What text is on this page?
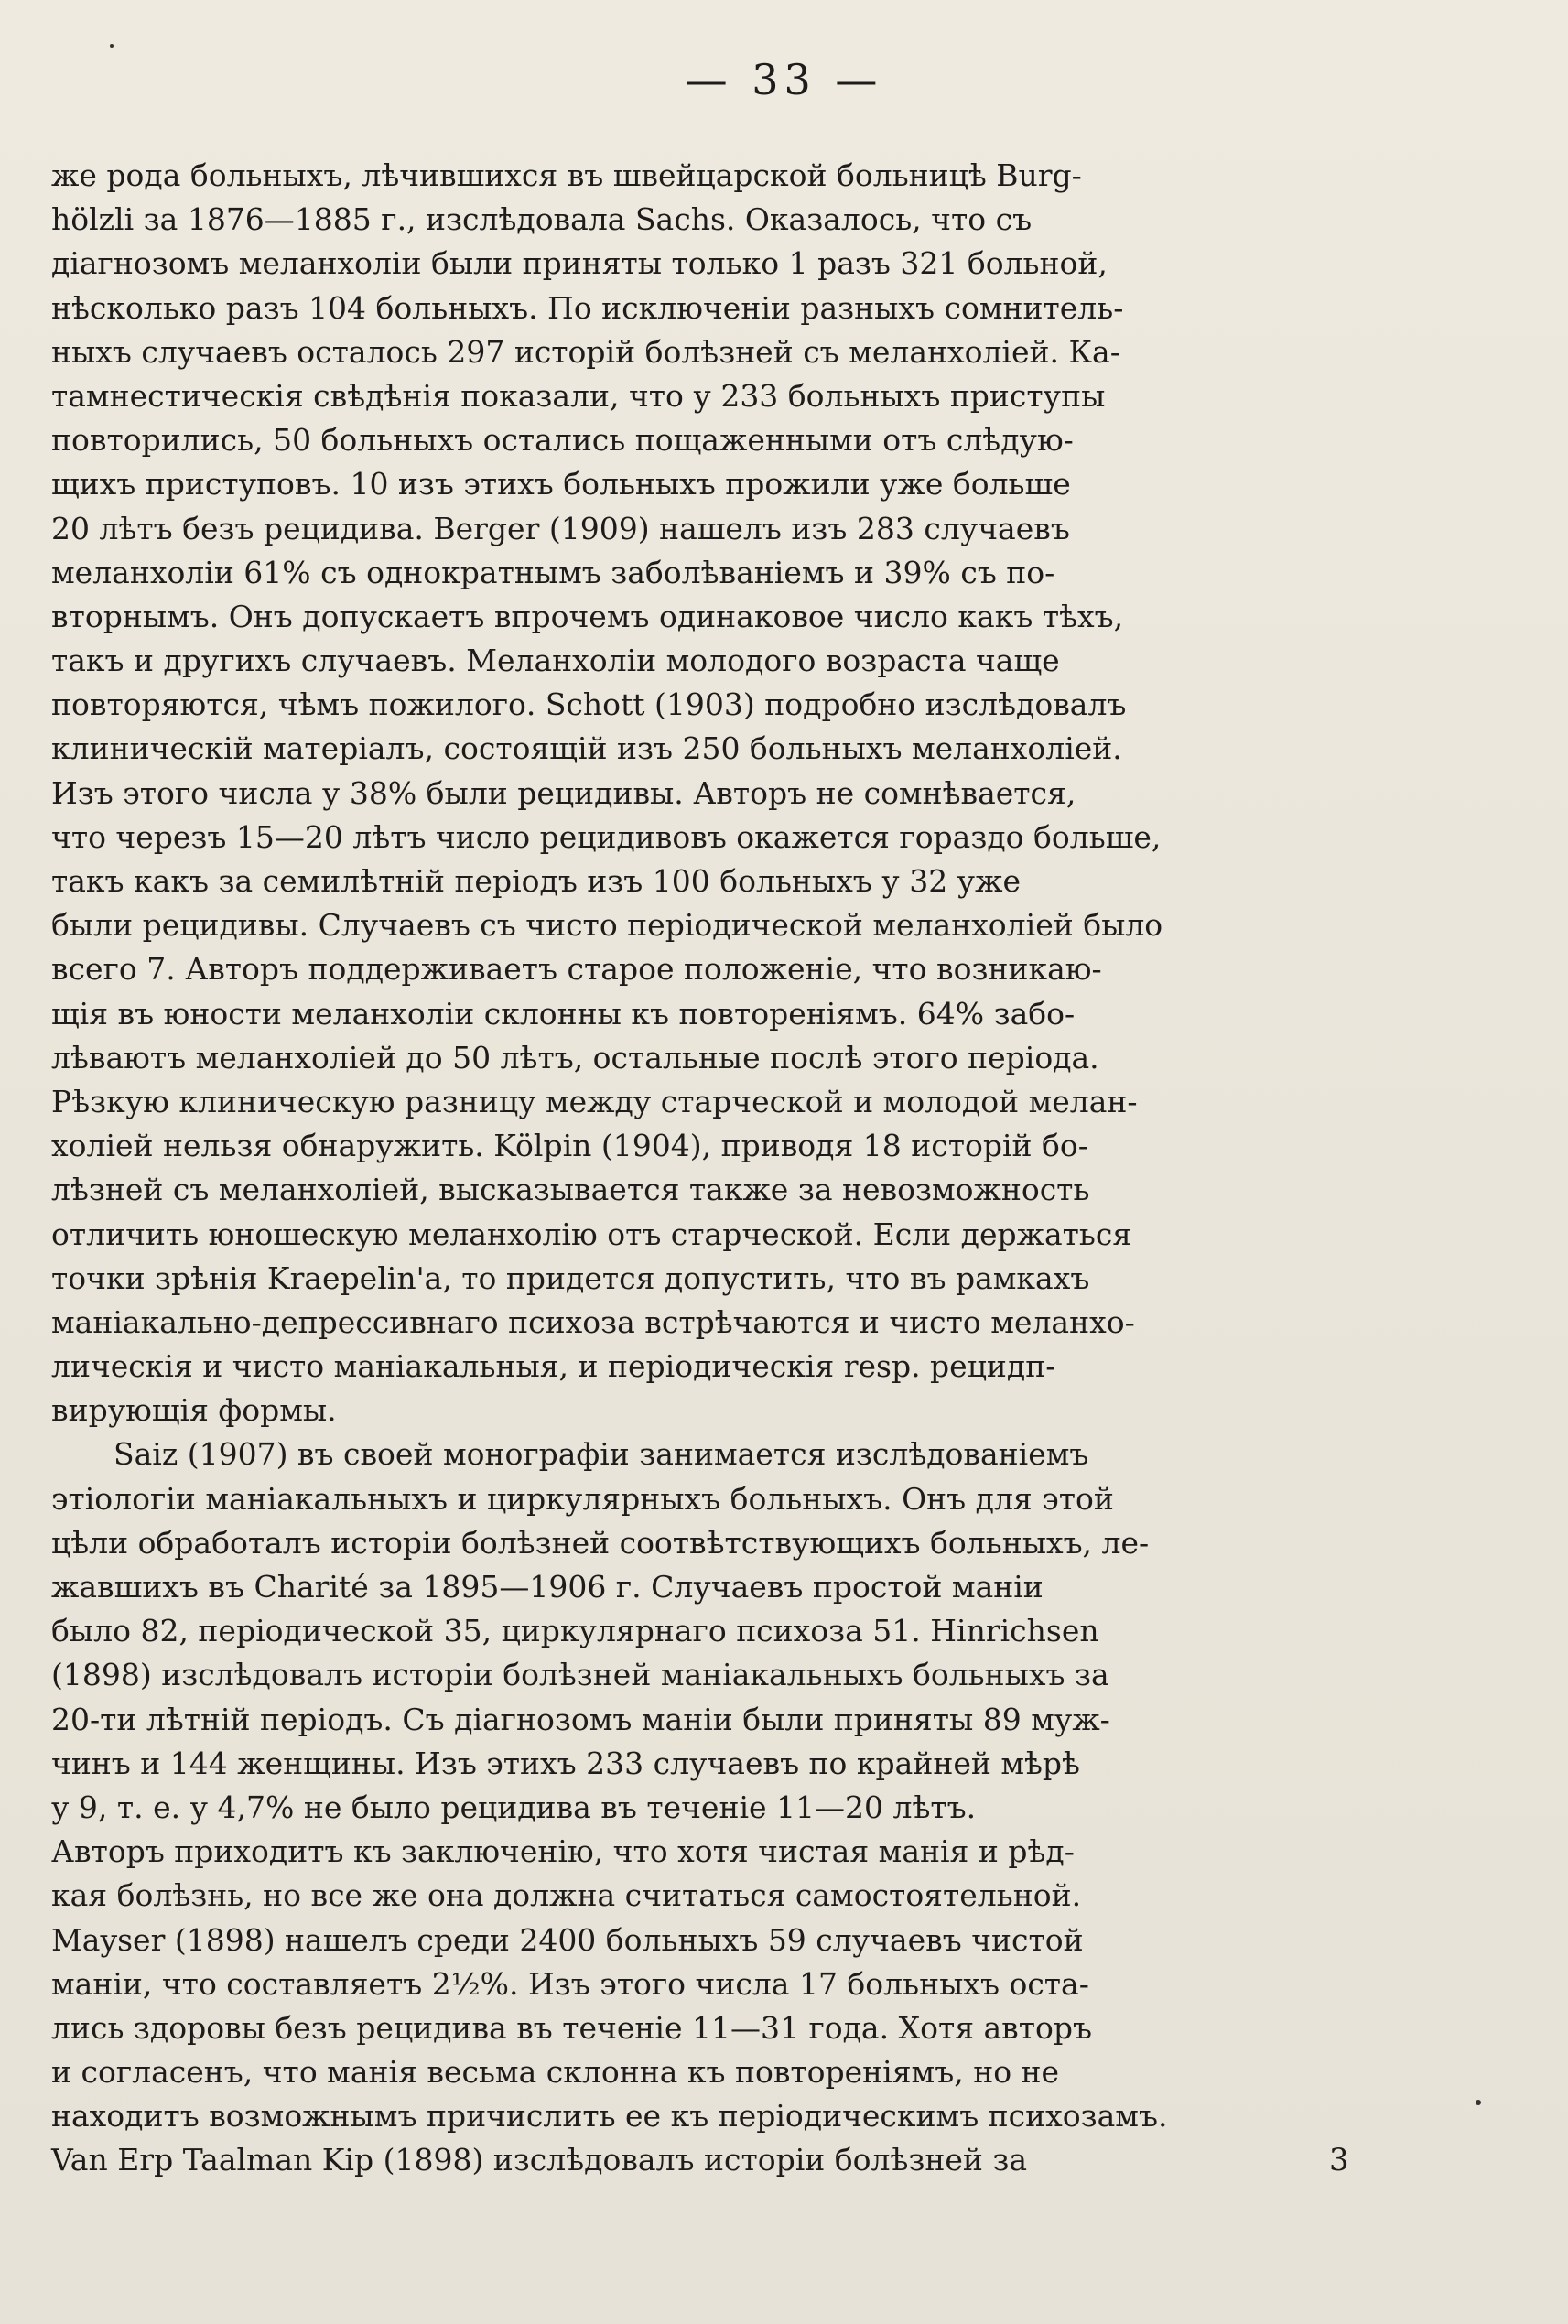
— 33 —
же рода больныхъ, лѣчившихся въ швейцарской больницѣ Burg-
hölzli за 1876—1885 г., изслѣдовала Sachs. Оказалось, что съ
діагнозомъ меланхоліи были приняты только 1 разъ 321 больной,
нѣсколько разъ 104 больныхъ. По исключеніи разныхъ сомнитель-
ныхъ случаевъ осталось 297 исторій болѣзней съ меланхоліей. Ка-
тамнестическія свѣдѣнія показали, что у 233 больныхъ приступы
повторились, 50 больныхъ остались пощаженными отъ слѣдую-
щихъ приступовъ. 10 изъ этихъ больныхъ прожили уже больше
20 лѣтъ безъ рецидива. Berger (1909) нашелъ изъ 283 случаевъ
меланхоліи 61% съ однократнымъ заболѣваніемъ и 39% съ по-
вторнымъ. Онъ допускаетъ впрочемъ одинаковое число какъ тѣхъ,
такъ и другихъ случаевъ. Меланхоліи молодого возраста чаще
повторяются, чѣмъ пожилого. Schott (1903) подробно изслѣдовалъ
клиническій матеріалъ, состоящій изъ 250 больныхъ меланхоліей.
Изъ этого числа у 38% были рецидивы. Авторъ не сомнѣвается,
что черезъ 15—20 лѣтъ число рецидивовъ окажется гораздо больше,
такъ какъ за семилѣтній періодъ изъ 100 больныхъ у 32 уже
были рецидивы. Случаевъ съ чисто періодической меланхоліей было
всего 7. Авторъ поддерживаетъ старое положеніе, что возникаю-
щія въ юности меланхоліи склонны къ повтореніямъ. 64% забо-
лѣваютъ меланхоліей до 50 лѣтъ, остальные послѣ этого періода.
Рѣзкую клиническую разницу между старческой и молодой мелан-
холіей нельзя обнаружить. Kölpin (1904), приводя 18 исторій бо-
лѣзней съ меланхоліей, высказывается также за невозможность
отличить юношескую меланхолію отъ старческой. Если держаться
точки зрѣнія Kraepelin'а, то придется допустить, что въ рамкахъ
маніакально-депрессивнаго психоза встрѣчаются и чисто меланхо-
лическія и чисто маніакальныя, и періодическія resp. рецидп-
вирующія формы.
Saiz (1907) въ своей монографіи занимается изслѣдованіемъ
этіологіи маніакальныхъ и циркулярныхъ больныхъ. Онъ для этой
цѣли обработалъ исторіи болѣзней соотвѣтствующихъ больныхъ, ле-
жавшихъ въ Charité за 1895—1906 г. Случаевъ простой маніи
было 82, періодической 35, циркулярнаго психоза 51. Hinrichsen
(1898) изслѣдовалъ исторіи болѣзней маніакальныхъ больныхъ за
20-ти лѣтній періодъ. Съ діагнозомъ маніи были приняты 89 муж-
чинъ и 144 женщины. Изъ этихъ 233 случаевъ по крайней мѣрѣ
у 9, т. е. у 4,7% не было рецидива въ теченіе 11—20 лѣтъ.
Авторъ приходитъ къ заключенію, что хотя чистая манія и рѣд-
кая болѣзнь, но все же она должна считаться самостоятельной.
Mayser (1898) нашелъ среди 2400 больныхъ 59 случаевъ чистой
маніи, что составляетъ 2½%. Изъ этого числа 17 больныхъ оста-
лись здоровы безъ рецидива въ теченіе 11—31 года. Хотя авторъ
и согласенъ, что манія весьма склонна къ повтореніямъ, но не
находитъ возможнымъ причислить ее къ періодическимъ психозамъ.
Van Erp Taalman Kip (1898) изслѣдовалъ исторіи болѣзней за	3
